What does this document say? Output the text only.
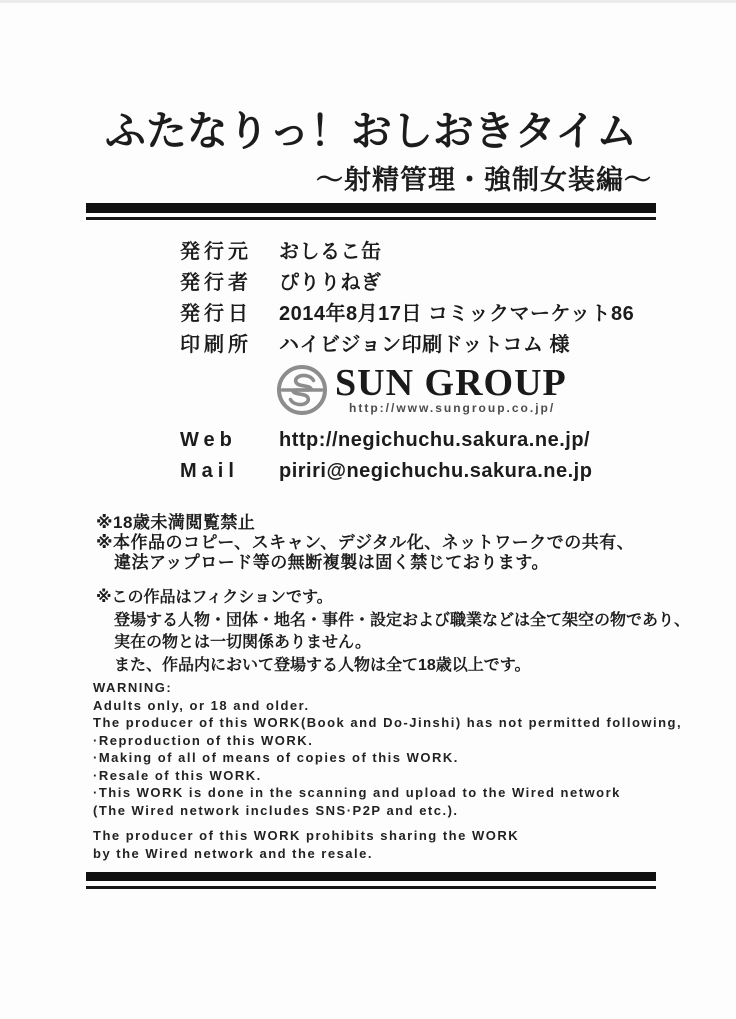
ふたなりっ！おしおきタイム
～射精管理・強制女装編～
発行元	おしるこ缶
発行者	ぴりりねぎ
発行日	2014年8月17日 コミックマーケット86
印刷所	ハイビジョン印刷ドットコム 様
SUN GROUP
http://www.sungroup.co.jp/
Web	http://negichuchu.sakura.ne.jp/
Mail	piriri@negichuchu.sakura.ne.jp
※18歳未満閲覧禁止
※本作品のコピー、スキャン、デジタル化、ネットワークでの共有、
違法アップロード等の無断複製は固く禁じております。
※この作品はフィクションです。
登場する人物・団体・地名・事件・設定および職業などは全て架空の物であり、
実在の物とは一切関係ありません。
また、作品内において登場する人物は全て18歳以上です。
WARNING:
Adults only, or 18 and older.
The producer of this WORK(Book and Do-Jinshi) has not permitted following,
·Reproduction of this WORK.
·Making of all of means of copies of this WORK.
·Resale of this WORK.
·This WORK is done in the scanning and upload to the Wired network
(The Wired network includes SNS·P2P and etc.).
The producer of this WORK prohibits sharing the WORK
by the Wired network and the resale.
